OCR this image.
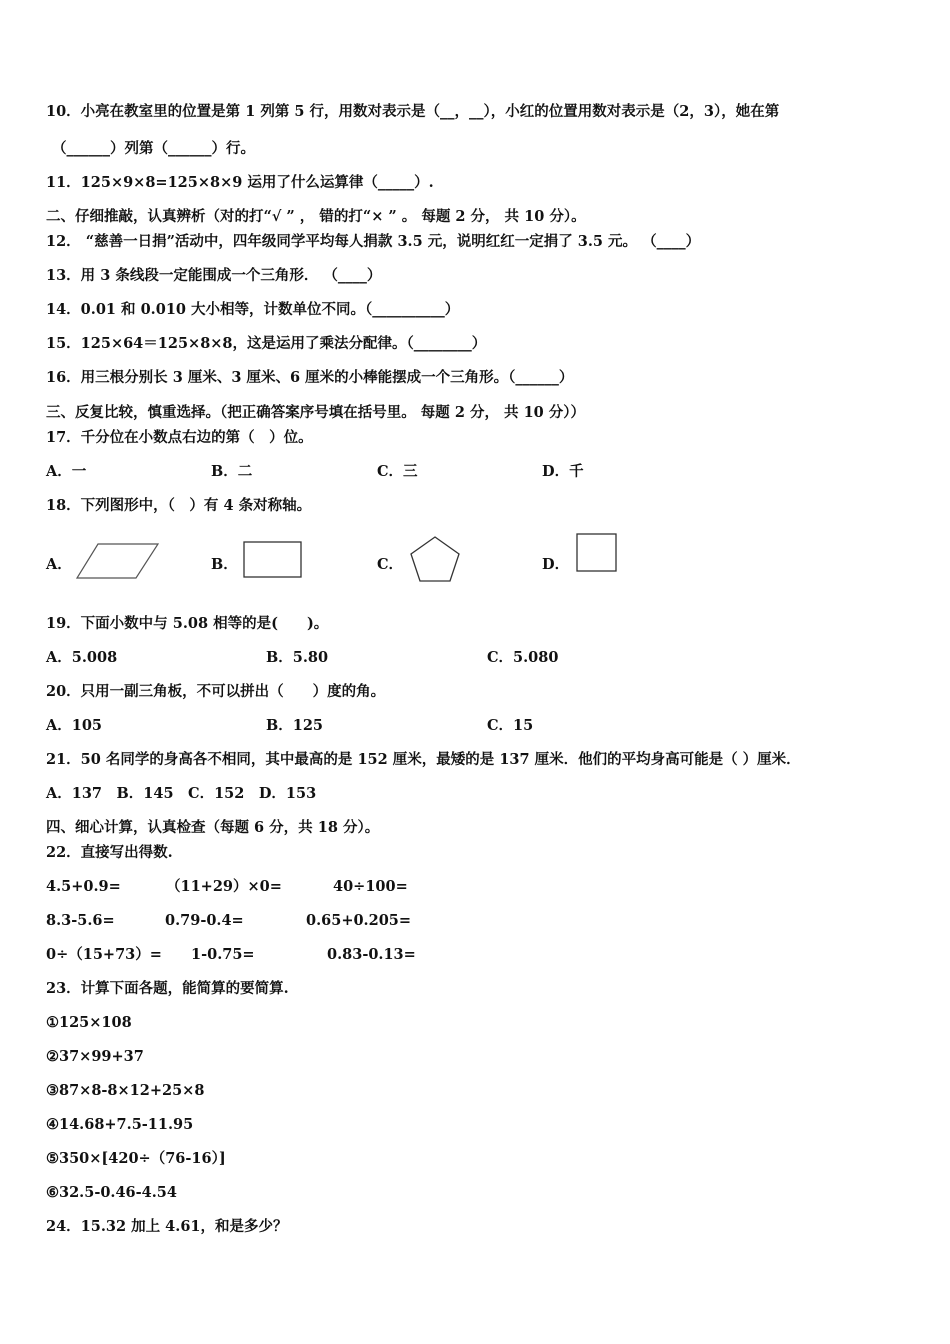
10．小亮在教室里的位置是第 1 列第 5 行，用数对表示是（__，__），小红的位置用数对表示是（2，3），她在第
（______）列第（______）行。
11．125×9×8=125×8×9 运用了什么运算律（_____）.
二、仔细推敲，认真辨析（对的打“√ ” ， 错的打“× ” 。 每题 2 分， 共 10 分）。
12． “慈善一日捐”活动中，四年级同学平均每人捐款 3.5 元，说明红红一定捐了 3.5 元。 （____）
13．用 3 条线段一定能围成一个三角形． （____）
14．0.01 和 0.010 大小相等，计数单位不同。（__________）
15．125×64＝125×8×8，这是运用了乘法分配律。（________）
16．用三根分别长 3 厘米、3 厘米、6 厘米的小棒能摆成一个三角形。（______）
三、反复比较，慎重选择。（把正确答案序号填在括号里。 每题 2 分， 共 10 分））
17．千分位在小数点右边的第（　）位。
A．一	B．二	C．三	D．千
18．下列图形中，（　）有 4 条对称轴。
A．	B．	C．	D．
19．下面小数中与 5.08 相等的是(　　)。
A．5.008	B．5.80	C．5.080
20．只用一副三角板，不可以拼出（　　）度的角。
A．105	B．125	C．15
21．50 名同学的身高各不相同，其中最高的是 152 厘米，最矮的是 137 厘米．他们的平均身高可能是（ ）厘米．
A．137　B．145　C．152　D．153
四、细心计算，认真检查（每题 6 分，共 18 分）。
22．直接写出得数.
4.5+0.9=	（11+29）×0=	40÷100=
8.3-5.6=	0.79-0.4=	0.65+0.205=
0÷（15+73）= 1-0.75=	0.83-0.13=
23．计算下面各题，能简算的要简算.
①125×108
②37×99+37
③87×8-8×12+25×8
④14.68+7.5-11.95
⑤350×[420÷（76-16）]
⑥32.5-0.46-4.54
24．15.32 加上 4.61，和是多少？
